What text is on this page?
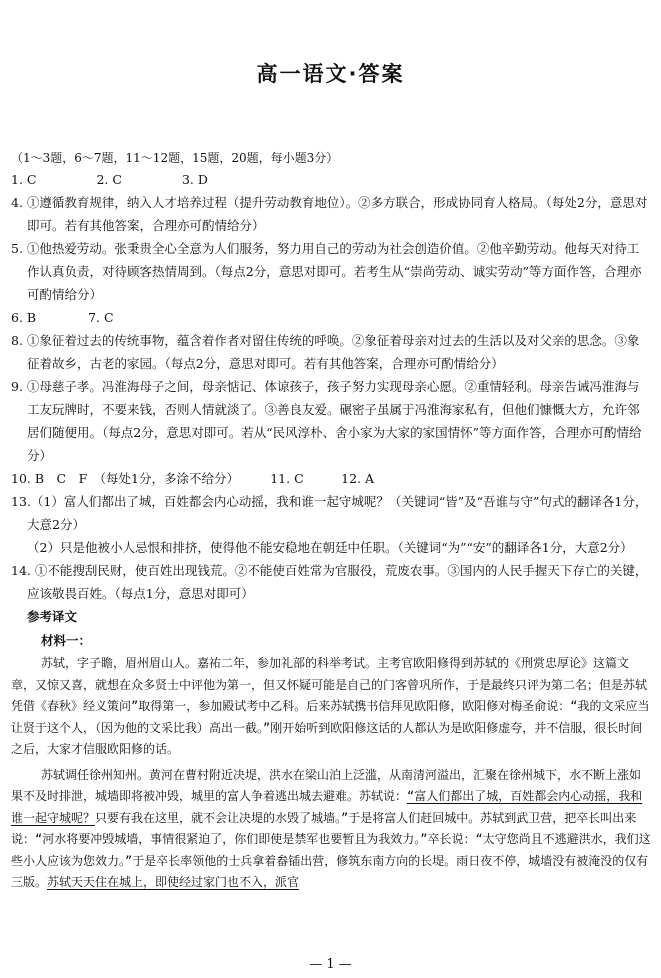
高一语文·答案

（1～3题，6～7题，11～12题，15题，20题，每小题3分）

1. C	2. C	3. D

4. ①遵循教育规律，纳入人才培养过程（提升劳动教育地位）。②多方联合，形成协同育人格局。（每处2分，意思对即可。若有其他答案，合理亦可酌情给分）

5. ①他热爱劳动。张秉贵全心全意为人们服务，努力用自己的劳动为社会创造价值。②他辛勤劳动。他每天对待工作认真负责，对待顾客热情周到。（每点2分，意思对即可。若考生从“崇尚劳动、诚实劳动”等方面作答，合理亦可酌情给分）

6. B	7. C

8. ①象征着过去的传统事物，蕴含着作者对留住传统的呼唤。②象征着母亲对过去的生活以及对父亲的思念。③象征着故乡，古老的家园。（每点2分，意思对即可。若有其他答案，合理亦可酌情给分）

9. ①母慈子孝。冯淮海母子之间，母亲惦记、体谅孩子，孩子努力实现母亲心愿。②重情轻利。母亲告诫冯淮海与工友玩牌时，不要来钱，否则人情就淡了。③善良友爱。碾密子虽属于冯淮海家私有，但他们慷慨大方，允许邻居们随便用。（每点2分，意思对即可。若从“民风淳朴、舍小家为大家的家国情怀”等方面作答，合理亦可酌情给分）

10. B　C　F　（每处1分，多涂不给分）　　　11. C　　　12. A

13.（1）富人们都出了城，百姓都会内心动摇，我和谁一起守城呢？（关键词“皆”及“吾谁与守”句式的翻译各1分，大意2分）

（2）只是他被小人忌恨和排挤，使得他不能安稳地在朝廷中任职。（关键词“为”“安”的翻译各1分，大意2分）

14. ①不能搜刮民财，使百姓出现钱荒。②不能使百姓常为官服役，荒废农事。③国内的人民手握天下存亡的关键，应该敬畏百姓。（每点1分，意思对即可）

参考译文

材料一：

苏轼，字子瞻，眉州眉山人。嘉祐二年，参加礼部的科举考试。主考官欧阳修得到苏轼的《刑赏忠厚论》这篇文章，又惊又喜，就想在众多贤士中评他为第一，但又怀疑可能是自己的门客曾巩所作，于是最终只评为第二名；但是苏轼凭借《春秋》经义策问”取得第一，参加殿试考中乙科。后来苏轼携书信拜见欧阳修，欧阳修对梅圣俞说：“我的文采应当让贤于这个人，（因为他的文采比我）高出一截。”刚开始听到欧阳修这话的人都认为是欧阳修虚夸，并不信服，很长时间之后，大家才信服欧阳修的话。

苏轼调任徐州知州。黄河在曹村附近决堤，洪水在梁山泊上泛滥，从南清河溢出，汇聚在徐州城下，水不断上涨如果不及时排泄，城墙即将被冲毁，城里的富人争着逃出城去避难。苏轼说：“富人们都出了城，百姓都会内心动摇，我和谁一起守城呢？只要有我在这里，就不会让决堤的水毁了城墙。”于是将富人们赶回城中。苏轼到武卫营，把卒长叫出来说：“河水将要冲毁城墙，事情很紧迫了，你们即使是禁军也要暂且为我效力。”卒长说：“太守您尚且不逃避洪水，我们这些小人应该为您效力。”于是卒长率领他的士兵拿着畚锸出营，修筑东南方向的长堤。雨日夜不停，城墙没有被淹没的仅有三版。苏轼天天住在城上，即使经过家门也不入，派官

— 1 —
